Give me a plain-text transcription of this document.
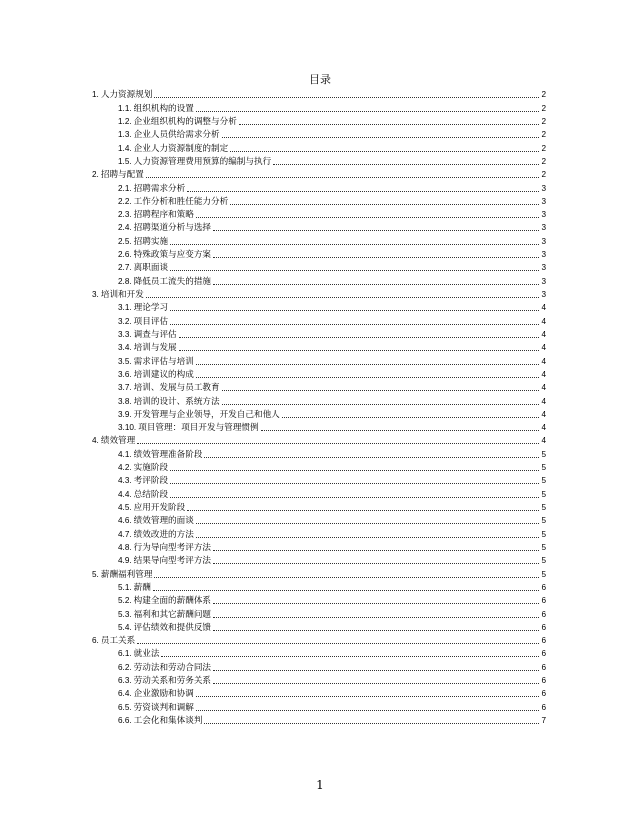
目录
1. 人力资源规划	2
1.1. 组织机构的设置	2
1.2. 企业组织机构的调整与分析	2
1.3. 企业人员供给需求分析	2
1.4. 企业人力资源制度的制定	2
1.5. 人力资源管理费用预算的编制与执行	2
2. 招聘与配置	2
2.1. 招聘需求分析	3
2.2. 工作分析和胜任能力分析	3
2.3. 招聘程序和策略	3
2.4. 招聘渠道分析与选择	3
2.5. 招聘实施	3
2.6. 特殊政策与应变方案	3
2.7. 离职面谈	3
2.8. 降低员工流失的措施	3
3. 培训和开发	3
3.1. 理论学习	4
3.2. 项目评估	4
3.3. 调查与评估	4
3.4. 培训与发展	4
3.5. 需求评估与培训	4
3.6. 培训建议的构成	4
3.7. 培训、发展与员工教育	4
3.8. 培训的设计、系统方法	4
3.9. 开发管理与企业领导，开发自己和他人	4
3.10. 项目管理：项目开发与管理惯例	4
4. 绩效管理	4
4.1. 绩效管理准备阶段	5
4.2. 实施阶段	5
4.3. 考评阶段	5
4.4. 总结阶段	5
4.5. 应用开发阶段	5
4.6. 绩效管理的面谈	5
4.7. 绩效改进的方法	5
4.8. 行为导向型考评方法	5
4.9. 结果导向型考评方法	5
5. 薪酬福利管理	5
5.1. 薪酬	6
5.2. 构建全面的薪酬体系	6
5.3. 福利和其它薪酬问题	6
5.4. 评估绩效和提供反馈	6
6. 员工关系	6
6.1. 就业法	6
6.2. 劳动法和劳动合同法	6
6.3. 劳动关系和劳务关系	6
6.4. 企业激励和协调	6
6.5. 劳资谈判和调解	6
6.6. 工会化和集体谈判	7
1
